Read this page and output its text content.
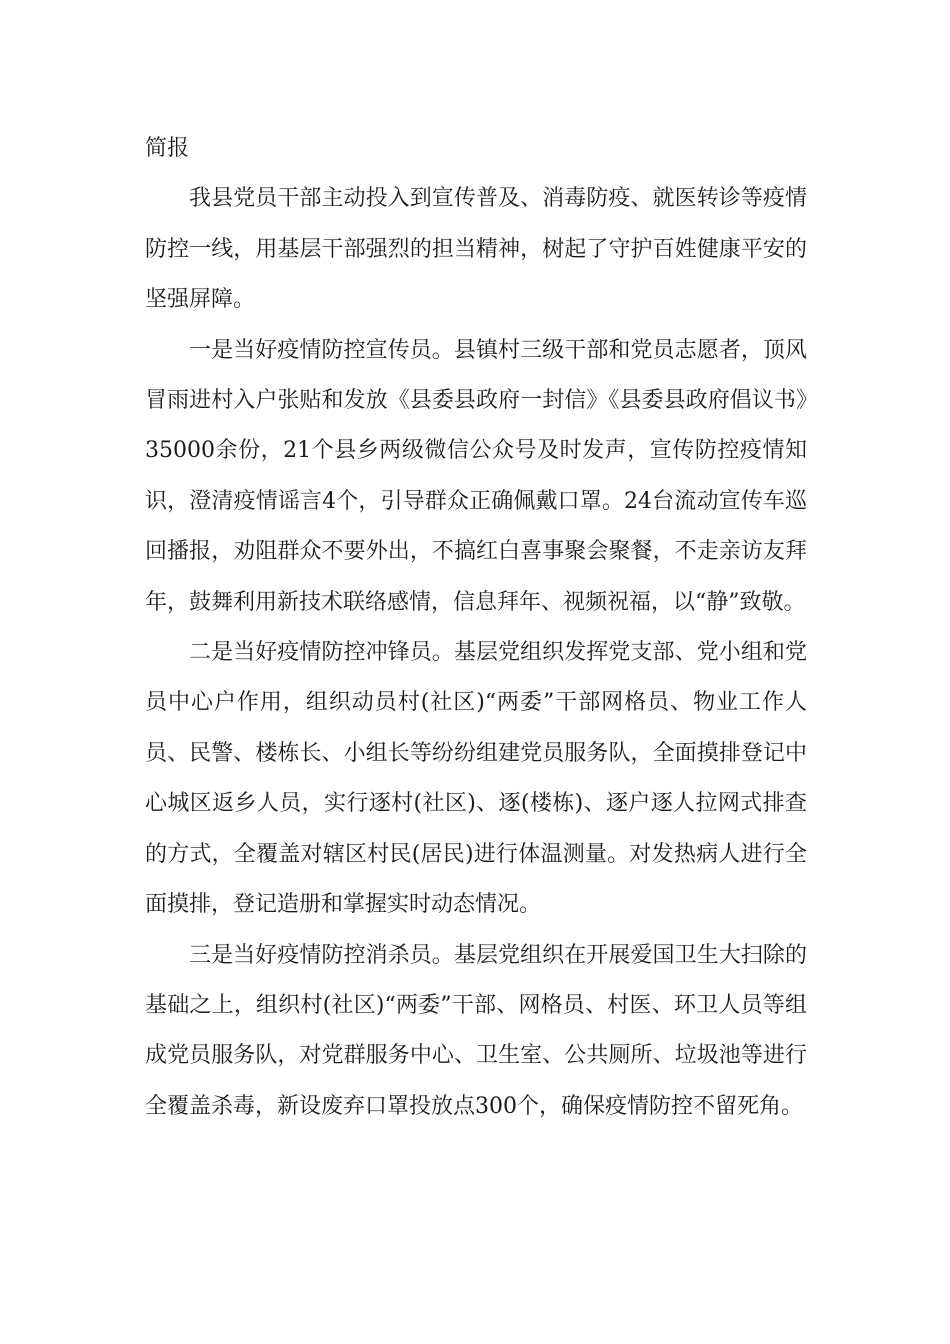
简报

我县党员干部主动投入到宣传普及、消毒防疫、就医转诊等疫情防控一线，用基层干部强烈的担当精神，树起了守护百姓健康平安的坚强屏障。

一是当好疫情防控宣传员。县镇村三级干部和党员志愿者，顶风冒雨进村入户张贴和发放《县委县政府一封信》《县委县政府倡议书》35000余份，21个县乡两级微信公众号及时发声，宣传防控疫情知识，澄清疫情谣言4个，引导群众正确佩戴口罩。24台流动宣传车巡回播报，劝阻群众不要外出，不搞红白喜事聚会聚餐，不走亲访友拜年，鼓舞利用新技术联络感情，信息拜年、视频祝福，以“静”致敬。

二是当好疫情防控冲锋员。基层党组织发挥党支部、党小组和党员中心户作用，组织动员村(社区)“两委”干部网格员、物业工作人员、民警、楼栋长、小组长等纷纷组建党员服务队，全面摸排登记中心城区返乡人员，实行逐村(社区)、逐(楼栋)、逐户逐人拉网式排查的方式，全覆盖对辖区村民(居民)进行体温测量。对发热病人进行全面摸排，登记造册和掌握实时动态情况。

三是当好疫情防控消杀员。基层党组织在开展爱国卫生大扫除的基础之上，组织村(社区)“两委”干部、网格员、村医、环卫人员等组成党员服务队，对党群服务中心、卫生室、公共厕所、垃圾池等进行全覆盖杀毒，新设废弃口罩投放点300个，确保疫情防控不留死角。
